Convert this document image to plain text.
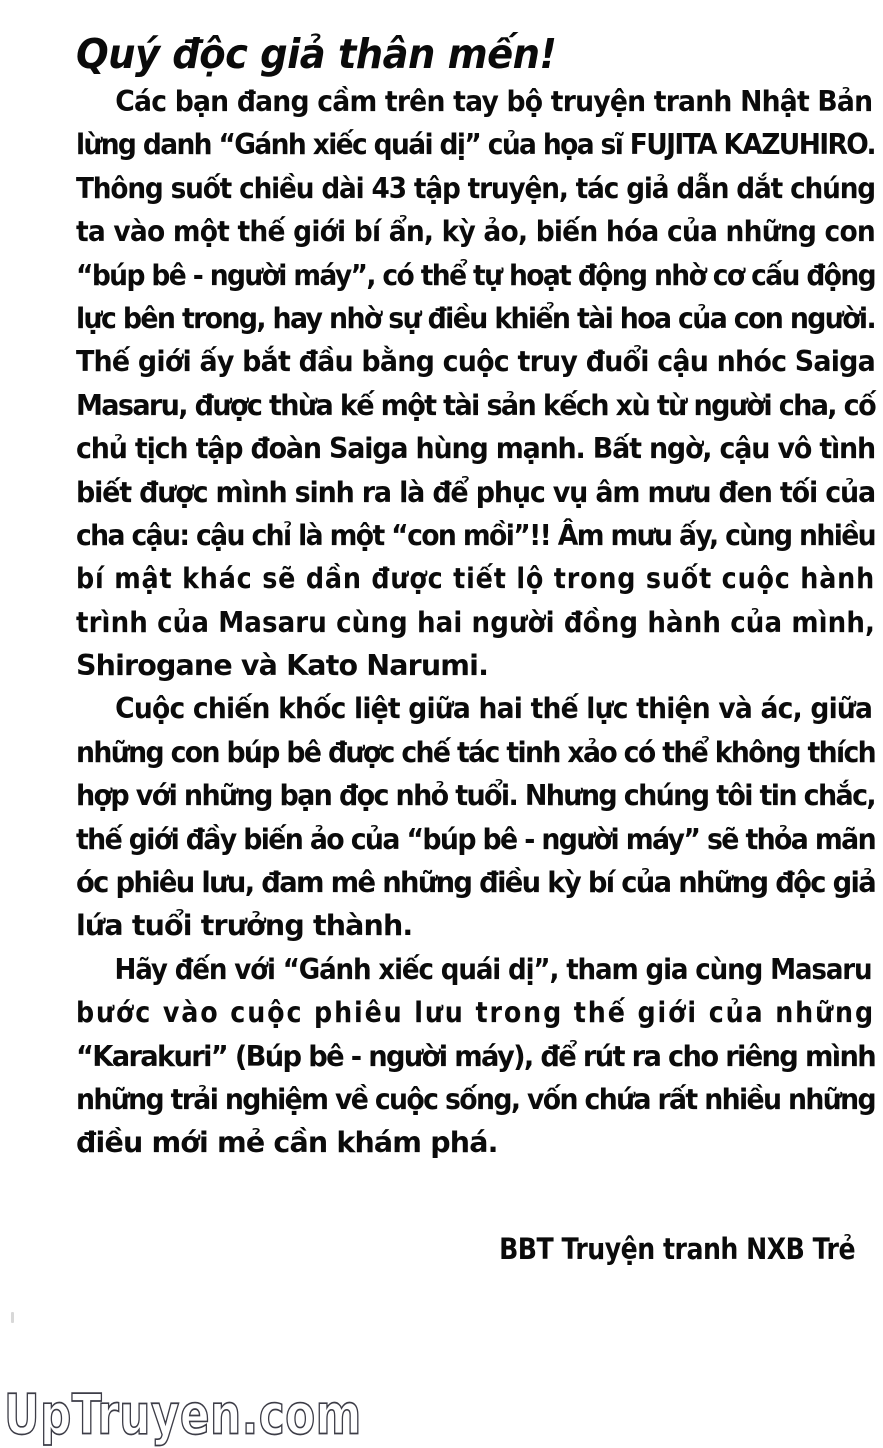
Quý độc giả thân mến!
Các bạn đang cầm trên tay bộ truyện tranh Nhật Bản
lừng danh “Gánh xiếc quái dị” của họa sĩ FUJITA KAZUHIRO.
Thông suốt chiều dài 43 tập truyện, tác giả dẫn dắt chúng
ta vào một thế giới bí ẩn, kỳ ảo, biến hóa của những con
“búp bê - người máy”, có thể tự hoạt động nhờ cơ cấu động
lực bên trong, hay nhờ sự điều khiển tài hoa của con người.
Thế giới ấy bắt đầu bằng cuộc truy đuổi cậu nhóc Saiga
Masaru, được thừa kế một tài sản kếch xù từ người cha, cố
chủ tịch tập đoàn Saiga hùng mạnh. Bất ngờ, cậu vô tình
biết được mình sinh ra là để phục vụ âm mưu đen tối của
cha cậu: cậu chỉ là một “con mồi”!! Âm mưu ấy, cùng nhiều
bí mật khác sẽ dần được tiết lộ trong suốt cuộc hành
trình của Masaru cùng hai người đồng hành của mình,
Shirogane và Kato Narumi.
Cuộc chiến khốc liệt giữa hai thế lực thiện và ác, giữa
những con búp bê được chế tác tinh xảo có thể không thích
hợp với những bạn đọc nhỏ tuổi. Nhưng chúng tôi tin chắc,
thế giới đầy biến ảo của “búp bê - người máy” sẽ thỏa mãn
óc phiêu lưu, đam mê những điều kỳ bí của những độc giả
lứa tuổi trưởng thành.
Hãy đến với “Gánh xiếc quái dị”, tham gia cùng Masaru
bước vào cuộc phiêu lưu trong thế giới của những
“Karakuri” (Búp bê - người máy), để rút ra cho riêng mình
những trải nghiệm về cuộc sống, vốn chứa rất nhiều những
điều mới mẻ cần khám phá.
BBT Truyện tranh NXB Trẻ
UpTruyen.com
